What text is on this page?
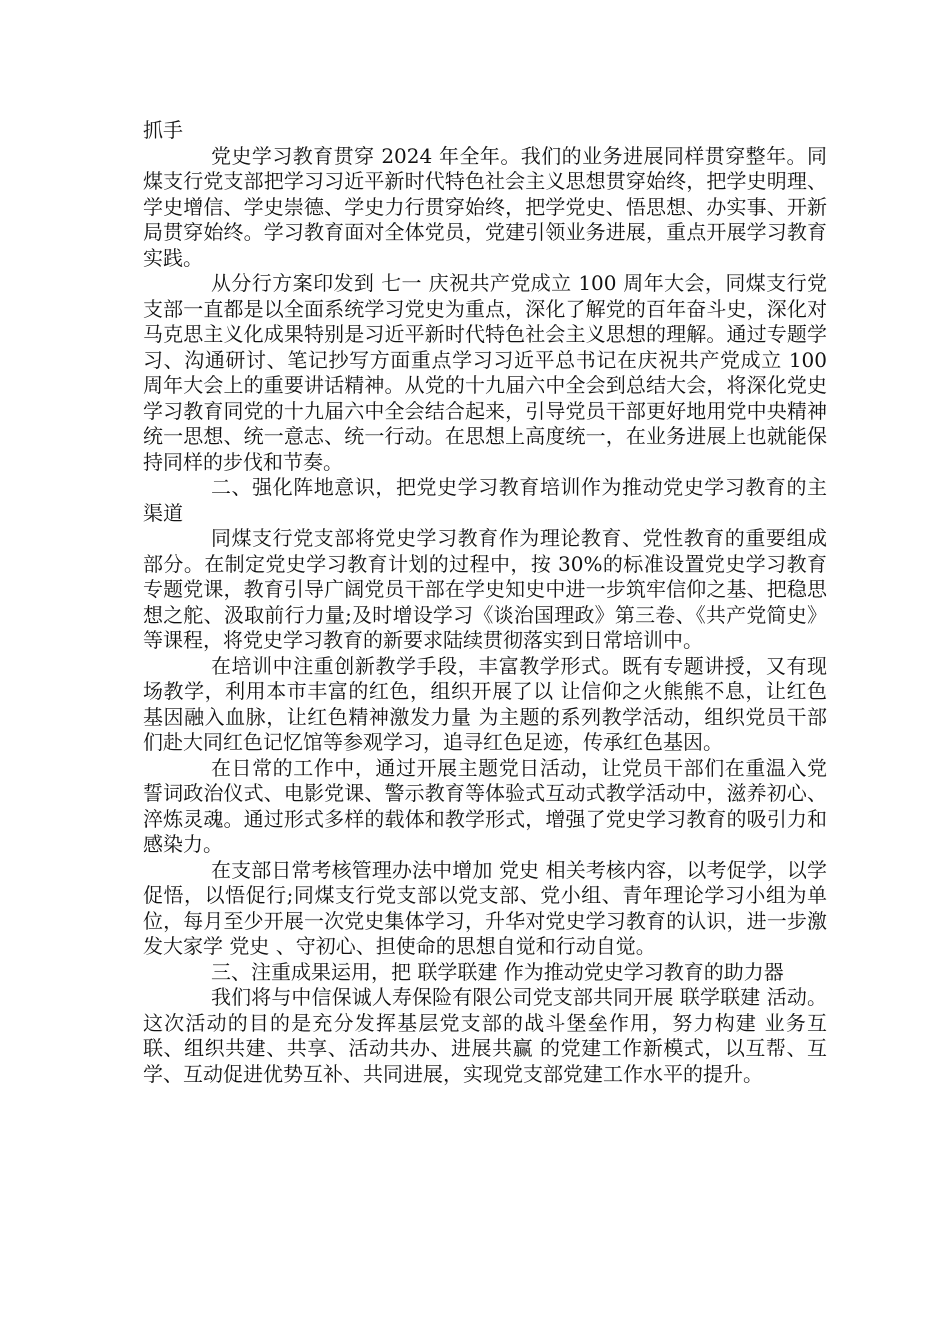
抓手

党史学习教育贯穿 2024 年全年。我们的业务进展同样贯穿整年。同煤支行党支部把学习习近平新时代特色社会主义思想贯穿始终，把学史明理、学史增信、学史崇德、学史力行贯穿始终，把学党史、悟思想、办实事、开新局贯穿始终。学习教育面对全体党员，党建引领业务进展，重点开展学习教育实践。

从分行方案印发到 七一 庆祝共产党成立 100 周年大会，同煤支行党支部一直都是以全面系统学习党史为重点，深化了解党的百年奋斗史，深化对马克思主义化成果特别是习近平新时代特色社会主义思想的理解。通过专题学习、沟通研讨、笔记抄写方面重点学习习近平总书记在庆祝共产党成立 100 周年大会上的重要讲话精神。从党的十九届六中全会到总结大会，将深化党史学习教育同党的十九届六中全会结合起来，引导党员干部更好地用党中央精神统一思想、统一意志、统一行动。在思想上高度统一，在业务进展上也就能保持同样的步伐和节奏。

二、强化阵地意识，把党史学习教育培训作为推动党史学习教育的主渠道

同煤支行党支部将党史学习教育作为理论教育、党性教育的重要组成部分。在制定党史学习教育计划的过程中，按 30%的标准设置党史学习教育专题党课，教育引导广阔党员干部在学史知史中进一步筑牢信仰之基、把稳思想之舵、汲取前行力量;及时增设学习《谈治国理政》第三卷、《共产党简史》等课程，将党史学习教育的新要求陆续贯彻落实到日常培训中。

在培训中注重创新教学手段，丰富教学形式。既有专题讲授，又有现场教学，利用本市丰富的红色，组织开展了以 让信仰之火熊熊不息，让红色基因融入血脉，让红色精神激发力量 为主题的系列教学活动，组织党员干部们赴大同红色记忆馆等参观学习，追寻红色足迹，传承红色基因。

在日常的工作中，通过开展主题党日活动，让党员干部们在重温入党誓词政治仪式、电影党课、警示教育等体验式互动式教学活动中，滋养初心、淬炼灵魂。通过形式多样的载体和教学形式，增强了党史学习教育的吸引力和感染力。

在支部日常考核管理办法中增加 党史 相关考核内容，以考促学，以学促悟，以悟促行;同煤支行党支部以党支部、党小组、青年理论学习小组为单位，每月至少开展一次党史集体学习，升华对党史学习教育的认识，进一步激发大家学 党史 、守初心、担使命的思想自觉和行动自觉。

三、注重成果运用，把 联学联建 作为推动党史学习教育的助力器

我们将与中信保诚人寿保险有限公司党支部共同开展 联学联建 活动。这次活动的目的是充分发挥基层党支部的战斗堡垒作用，努力构建 业务互联、组织共建、共享、活动共办、进展共赢 的党建工作新模式，以互帮、互学、互动促进优势互补、共同进展，实现党支部党建工作水平的提升。
